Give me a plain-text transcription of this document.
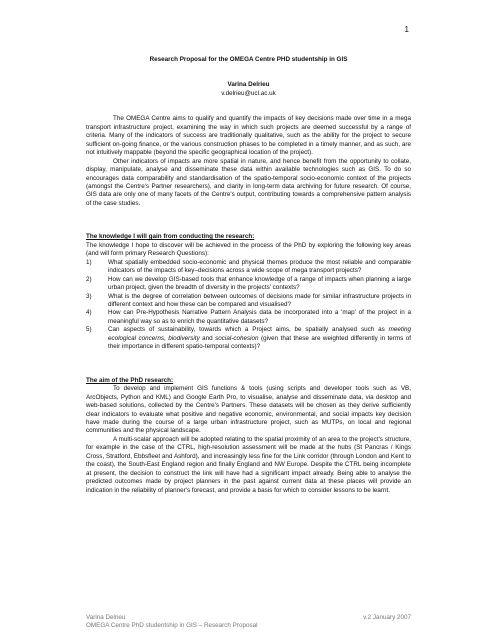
1

Research Proposal for the OMEGA Centre PHD studentship in GIS

Varina Delrieu
v.delrieu@ucl.ac.uk

The OMEGA Centre aims to qualify and quantify the impacts of key decisions made over time in a mega transport infrastructure project, examining the way in which such projects are deemed successful by a range of criteria. Many of the indicators of success are traditionally qualitative, such as the ability for the project to secure sufficient on-going finance, or the various construction phases to be completed in a timely manner, and as such, are not intuitively mappable (beyond the specific geographical location of the project).

Other indicators of impacts are more spatial in nature, and hence benefit from the opportunity to collate, display, manipulate, analyse and disseminate these data within available technologies such as GIS. To do so encourages data comparability and standardisation of the spatio-temporal socio-economic context of the projects (amongst the Centre's Partner researchers), and clarity in long-term data archiving for future research. Of course, GIS data are only one of many facets of the Centre's output, contributing towards a comprehensive pattern analysis of the case studies.

The knowledge I will gain from conducting the research:

The knowledge I hope to discover will be achieved in the process of the PhD by exploring the following key areas (and will form primary Research Questions):

1)	What spatially embedded socio-economic and physical themes produce the most reliable and comparable indicators of the impacts of key–decisions across a wide scope of mega transport projects?
2)	How can we develop GIS-based tools that enhance knowledge of a range of impacts when planning a large urban project, given the breadth of diversity in the projects' contexts?
3)	What is the degree of correlation between outcomes of decisions made for similar infrastructure projects in different context and how these can be compared and visualised?
4)	How can Pre-Hypothesis Narrative Pattern Analysis data be incorporated into a 'map' of the project in a meaningful way so as to enrich the quantitative datasets?
5)	Can aspects of sustainability, towards which a Project aims, be spatially analysed such as meeting ecological concerns, biodiversity and social-cohesion (given that these are weighted differently in terms of their importance in different spatio-temporal contexts)?
The aim of the PhD research:

To develop and implement GIS functions & tools (using scripts and developer tools such as VB, ArcObjects, Python and KML) and Google Earth Pro, to visualise, analyse and disseminate data, via desktop and web-based solutions, collected by the Centre's Partners. These datasets will be chosen as they derive sufficiently clear indicators to evaluate what positive and negative economic, environmental, and social impacts key decision have made during the course of a large urban infrastructure project, such as MUTPs, on local and regional communities and the physical landscape.

A multi-scalar approach will be adopted relating to the spatial proximity of an area to the project's structure, for example in the case of the CTRL, high-resolution assessment will be made at the hubs (St Pancras / Kings Cross, Stratford, Ebbsfleet and Ashford), and increasingly less fine for the Link corridor (through London and Kent to the coast), the South-East England region and finally England and NW Europe. Despite the CTRL being incomplete at present, the decision to construct the link will have had a significant impact already. Being able to analyse the predicted outcomes made by project planners in the past against current data at these places will provide an indication in the reliability of planner's forecast, and provide a basis for which to consider lessons to be learnt.

Varina Delrieu	v.2 January 2007
OMEGA Centre PhD studentship in GIS – Research Proposal
